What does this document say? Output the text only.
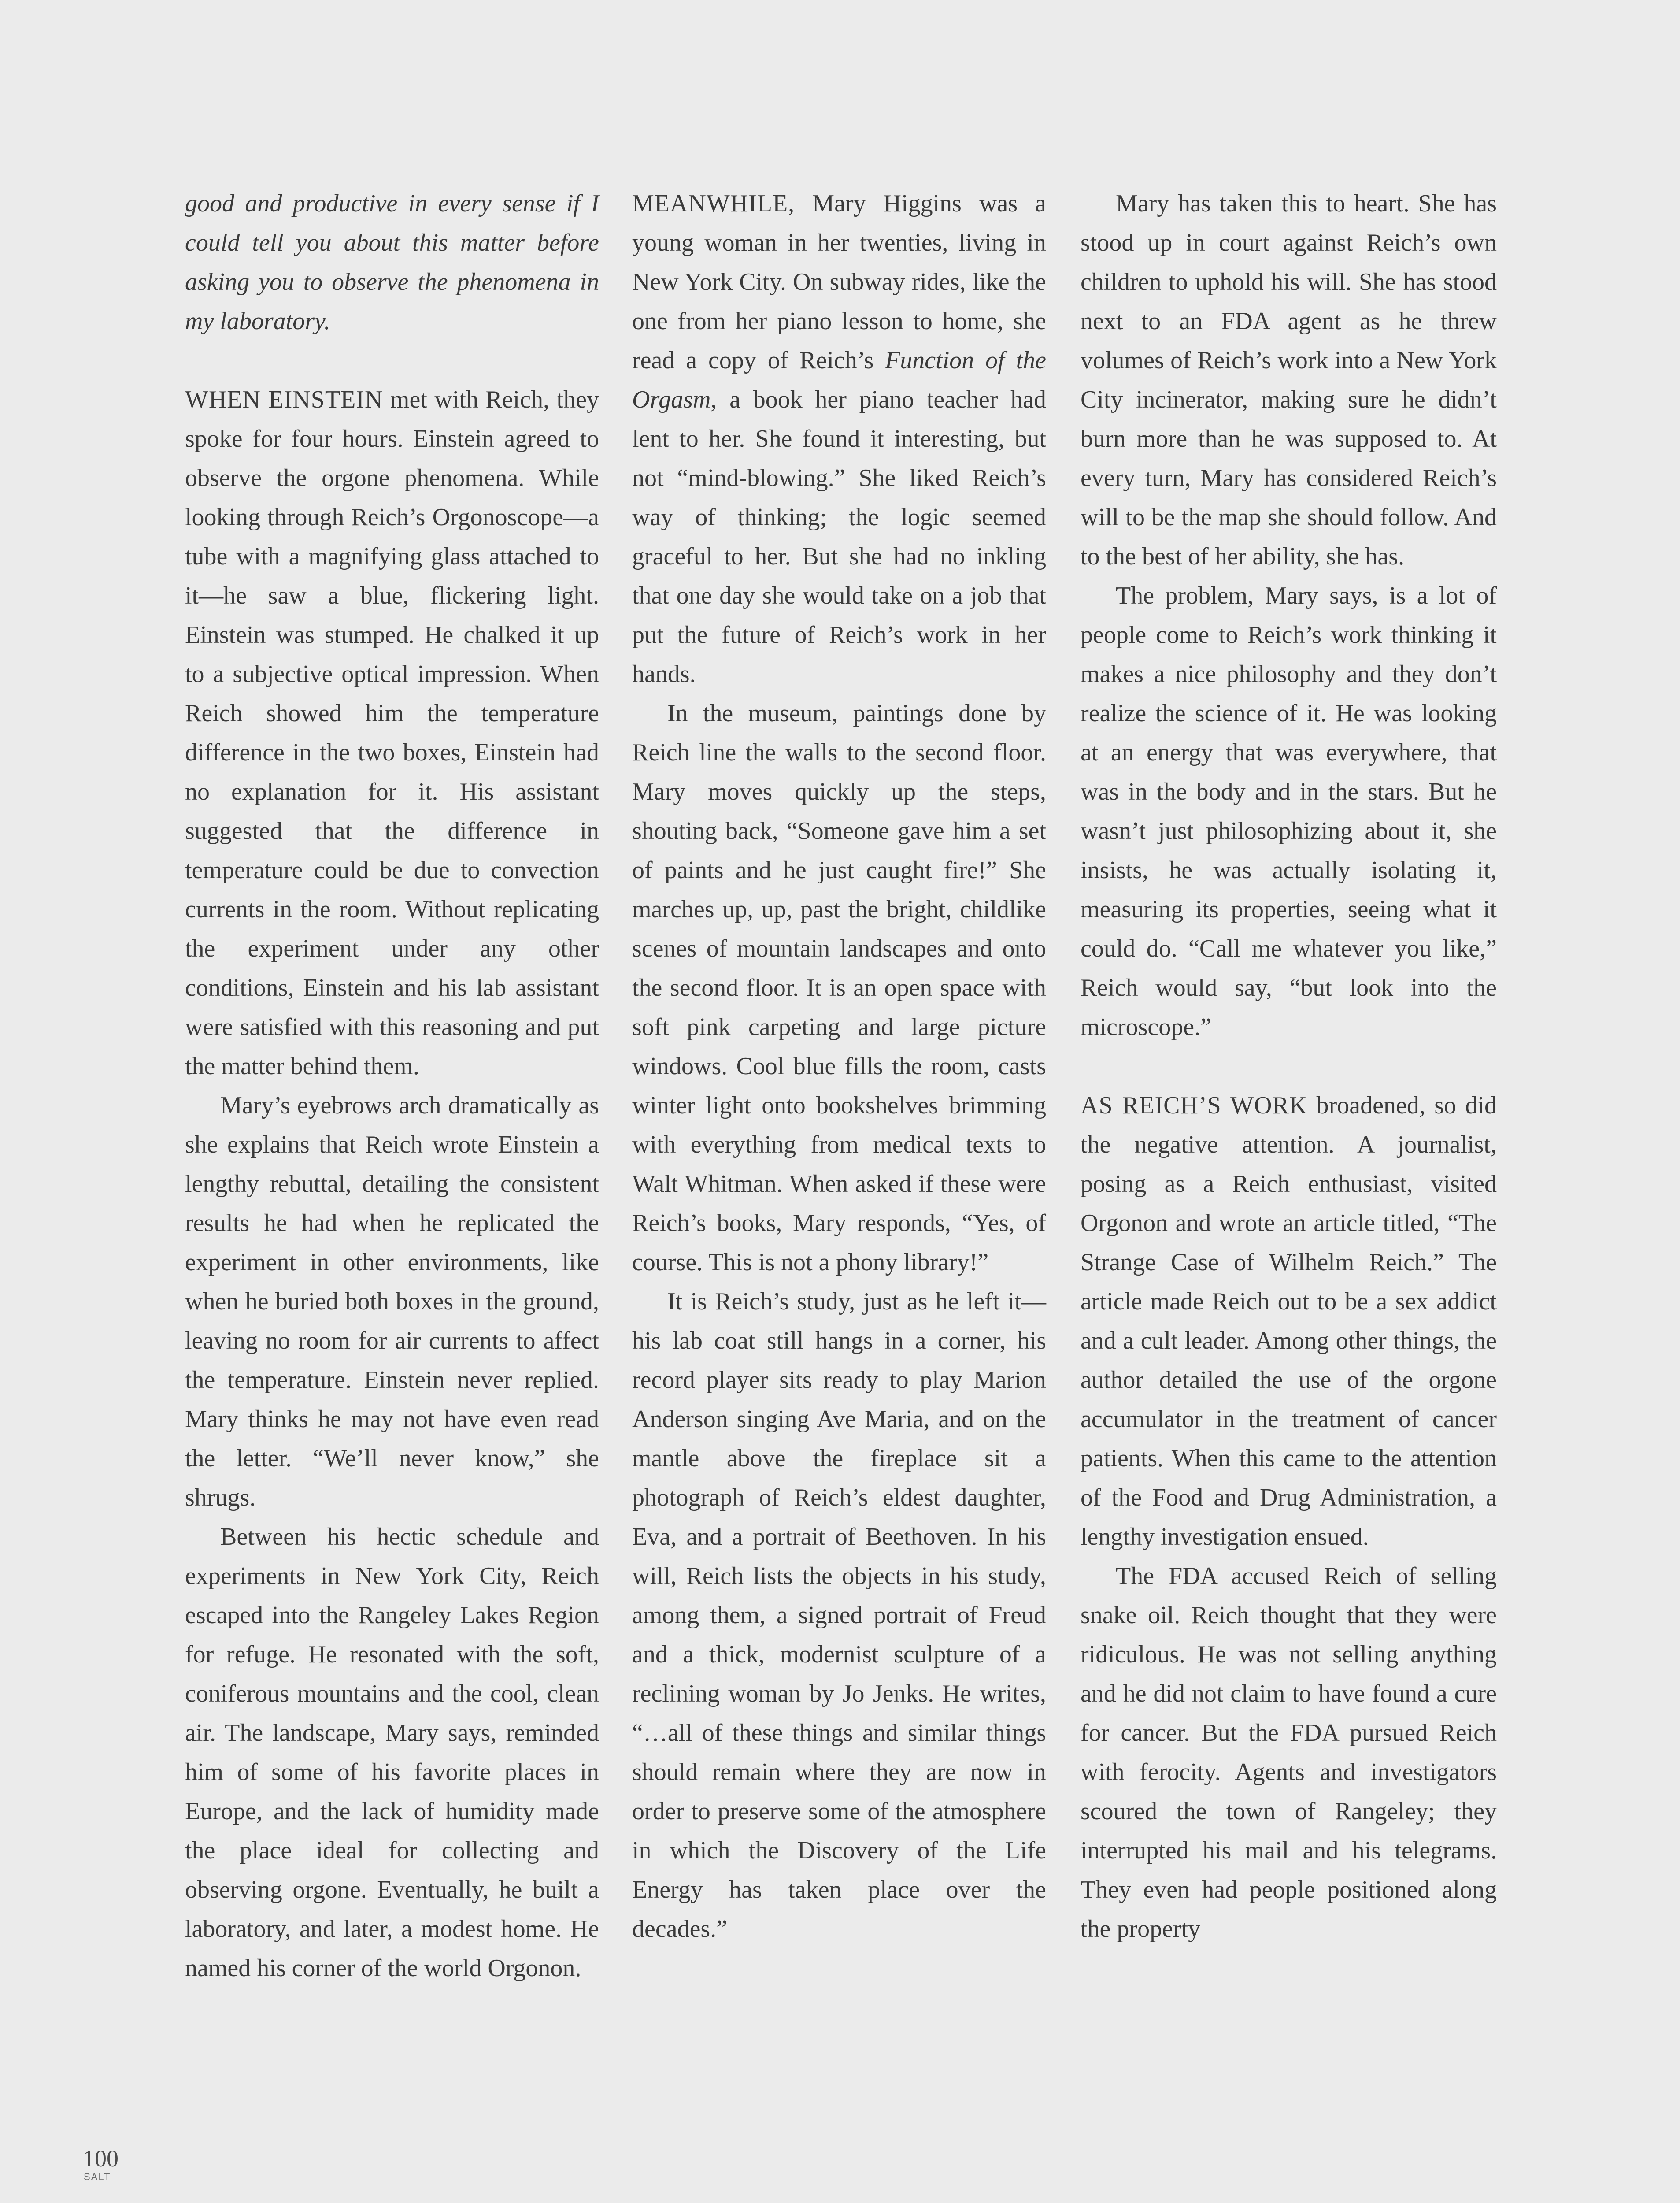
good and productive in every sense if I could tell you about this matter before asking you to observe the phenomena in my laboratory.

WHEN EINSTEIN met with Reich, they spoke for four hours. Einstein agreed to observe the orgone phenomena. While looking through Reich’s Orgonoscope—a tube with a magnifying glass attached to it—he saw a blue, flickering light. Einstein was stumped. He chalked it up to a subjective optical impression. When Reich showed him the temperature difference in the two boxes, Einstein had no explanation for it. His assistant suggested that the difference in temperature could be due to convection currents in the room. Without replicating the experiment under any other conditions, Einstein and his lab assistant were satisfied with this reasoning and put the matter behind them.

Mary’s eyebrows arch dramatically as she explains that Reich wrote Einstein a lengthy rebuttal, detailing the consistent results he had when he replicated the experiment in other environments, like when he buried both boxes in the ground, leaving no room for air currents to affect the temperature. Einstein never replied. Mary thinks he may not have even read the letter. “We’ll never know,” she shrugs.

Between his hectic schedule and experiments in New York City, Reich escaped into the Rangeley Lakes Region for refuge. He resonated with the soft, coniferous mountains and the cool, clean air. The landscape, Mary says, reminded him of some of his favorite places in Europe, and the lack of humidity made the place ideal for collecting and observing orgone. Eventually, he built a laboratory, and later, a modest home. He named his corner of the world Orgonon.

MEANWHILE, Mary Higgins was a young woman in her twenties, living in New York City. On subway rides, like the one from her piano lesson to home, she read a copy of Reich’s Function of the Orgasm, a book her piano teacher had lent to her. She found it interesting, but not “mind-blowing.” She liked Reich’s way of thinking; the logic seemed graceful to her. But she had no inkling that one day she would take on a job that put the future of Reich’s work in her hands.

In the museum, paintings done by Reich line the walls to the second floor. Mary moves quickly up the steps, shouting back, “Someone gave him a set of paints and he just caught fire!” She marches up, up, past the bright, childlike scenes of mountain landscapes and onto the second floor. It is an open space with soft pink carpeting and large picture windows. Cool blue fills the room, casts winter light onto bookshelves brimming with everything from medical texts to Walt Whitman. When asked if these were Reich’s books, Mary responds, “Yes, of course. This is not a phony library!”

It is Reich’s study, just as he left it—his lab coat still hangs in a corner, his record player sits ready to play Marion Anderson singing Ave Maria, and on the mantle above the fireplace sit a photograph of Reich’s eldest daughter, Eva, and a portrait of Beethoven. In his will, Reich lists the objects in his study, among them, a signed portrait of Freud and a thick, modernist sculpture of a reclining woman by Jo Jenks. He writes, “…all of these things and similar things should remain where they are now in order to preserve some of the atmosphere in which the Discovery of the Life Energy has taken place over the decades.”

Mary has taken this to heart. She has stood up in court against Reich’s own children to uphold his will. She has stood next to an FDA agent as he threw volumes of Reich’s work into a New York City incinerator, making sure he didn’t burn more than he was supposed to. At every turn, Mary has considered Reich’s will to be the map she should follow. And to the best of her ability, she has.

The problem, Mary says, is a lot of people come to Reich’s work thinking it makes a nice philosophy and they don’t realize the science of it. He was looking at an energy that was everywhere, that was in the body and in the stars. But he wasn’t just philosophizing about it, she insists, he was actually isolating it, measuring its properties, seeing what it could do. “Call me whatever you like,” Reich would say, “but look into the microscope.”

AS REICH’S WORK broadened, so did the negative attention. A journalist, posing as a Reich enthusiast, visited Orgonon and wrote an article titled, “The Strange Case of Wilhelm Reich.” The article made Reich out to be a sex addict and a cult leader. Among other things, the author detailed the use of the orgone accumulator in the treatment of cancer patients. When this came to the attention of the Food and Drug Administration, a lengthy investigation ensued.

The FDA accused Reich of selling snake oil. Reich thought that they were ridiculous. He was not selling anything and he did not claim to have found a cure for cancer. But the FDA pursued Reich with ferocity. Agents and investigators scoured the town of Rangeley; they interrupted his mail and his telegrams. They even had people positioned along the property

100
SALT
